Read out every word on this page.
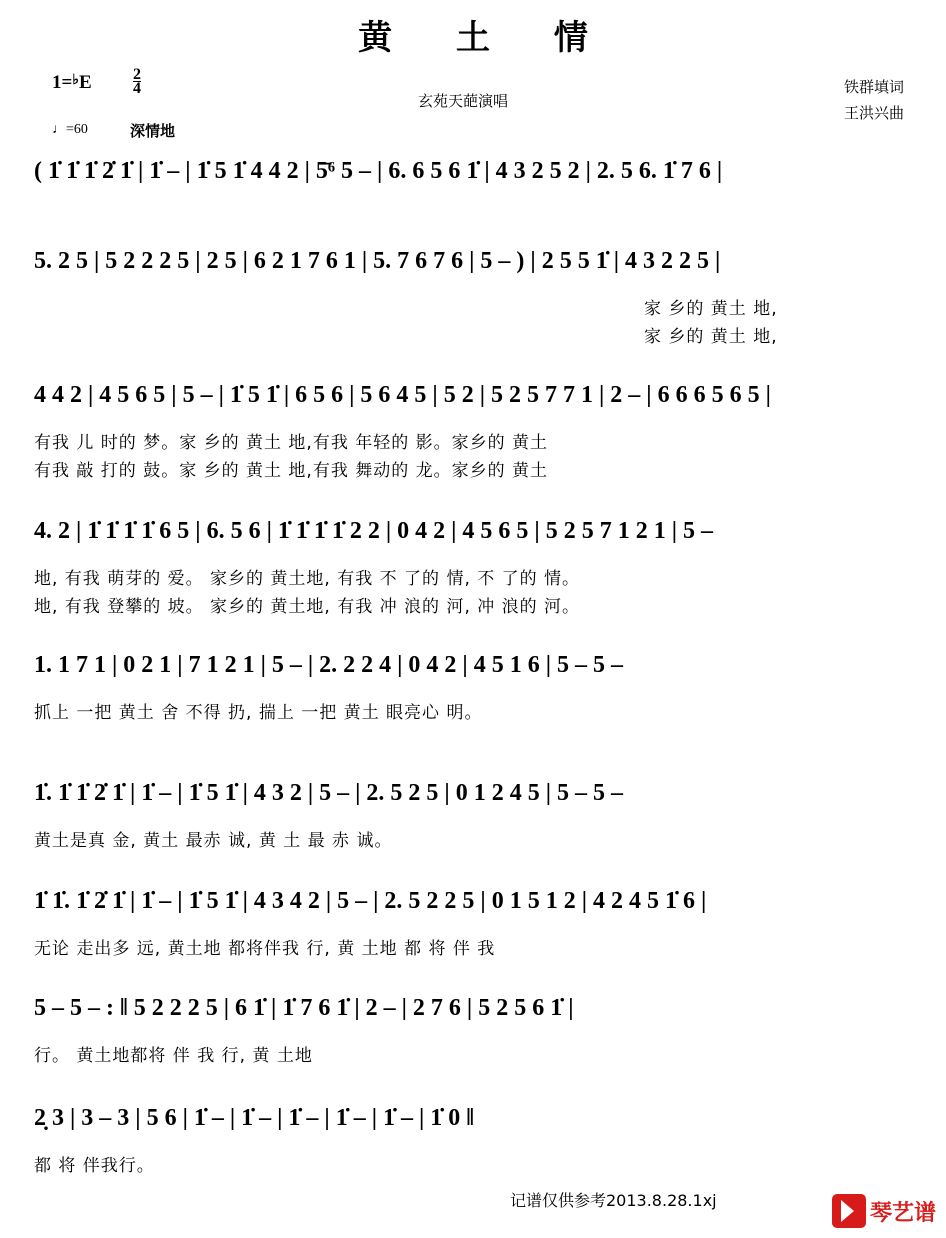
黄 土 情
1=♭E	$\frac{2}{4}$
♩=60	深情地
玄苑天葩演唱
铁群填词
王洪兴曲
( 1̇ 1̇ 1̇ 2̇ 1̇ | 1̇ – | 1̇ 5 1̇ 4 4 2 | 5̄⁶ 5 – | 6. 6 5 6 1̇ | 4 3 2 5 2 | 2. 5 6. 1̇ 7 6 |
5. 2 5 | 5 2 2 2 5 | 2 5 | 6 2 1 7 6 1 | 5. 7 6 7 6 | 5 – ) | 2 5 5 1̇ | 4 3 2 2 5 |
家 乡的 黄土 地,
家 乡的 黄土 地,
4 4 2 | 4 5 6 5 | 5 – | 1̇ 5 1̇ | 6 5 6 | 5 6 4 5 | 5 2 | 5 2 5 7 7 1 | 2 – | 6 6 6 5 6 5 |
有我 儿 时的 梦。家 乡的 黄土 地,有我 年轻的 影。家乡的 黄土
有我 敲 打的 鼓。家 乡的 黄土 地,有我 舞动的 龙。家乡的 黄土
4. 2 | 1̇ 1̇ 1̇ 1̇ 6 5 | 6. 5 6 | 1̇ 1̇ 1̇ 1̇ 2 2 | 0 4 2 | 4 5 6 5 | 5 2 5 7 1 2 1 | 5 –
地, 有我 萌芽的 爱。 家乡的 黄土地, 有我 不 了的 情, 不 了的 情。
地, 有我 登攀的 坡。 家乡的 黄土地, 有我 冲 浪的 河, 冲 浪的 河。
1. 1 7 1 | 0 2 1 | 7 1 2 1 | 5 – | 2. 2 2 4 | 0 4 2 | 4 5 1 6 | 5 – 5 –
抓上 一把 黄土 舍 不得 扔, 揣上 一把 黄土 眼亮心 明。
1̇. 1̇ 1̇ 2̇ 1̇ | 1̇ – | 1̇ 5 1̇ | 4 3 2 | 5 – | 2. 5 2 5 | 0 1 2 4 5 | 5 – 5 –
黄土是真 金, 黄土 最赤 诚, 黄 土 最 赤 诚。
1̇ 1̇. 1̇ 2̇ 1̇ | 1̇ – | 1̇ 5 1̇ | 4 3 4 2 | 5 – | 2. 5 2 2 5 | 0 1 5 1 2 | 4 2 4 5 1̇ 6 |
无论 走出多 远, 黄土地 都将伴我 行, 黄 土地 都 将 伴 我
5 – 5 – : ‖ 5 2 2 2 5 | 6 1̇ | 1̇ 7 6 1̇ | 2 – | 2 7 6 | 5 2 5 6 1̇ |
行。 黄土地都将 伴 我 行, 黄 土地
2̣ 3 | 3 – 3 | 5 6 | 1̇ – | 1̇ – | 1̇ – | 1̇ – | 1̇ – | 1̇ 0 ‖
都 将 伴我行。
记谱仅供参考2013.8.28.1xj	琴艺谱
